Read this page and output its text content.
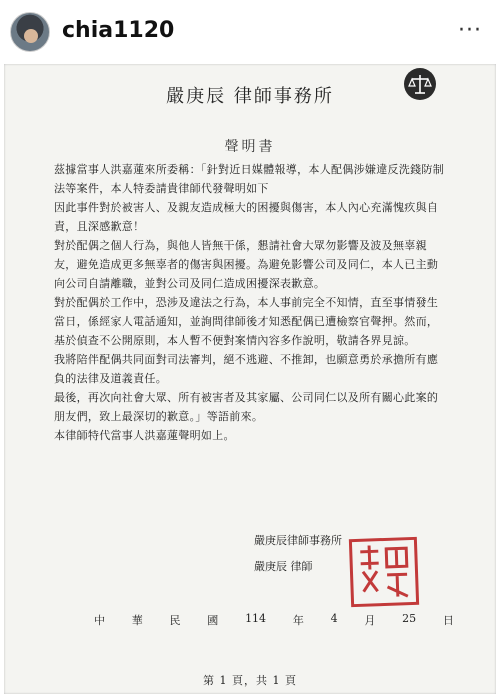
chia1120	···
嚴庚辰 律師事務所
聲明書

茲據當事人洪嘉蓮來所委稱：「針對近日媒體報導，本人配偶涉嫌違反洗錢防制法等案件，本人特委請貴律師代發聲明如下

因此事件對於被害人、及親友造成極大的困擾與傷害，本人內心充滿愧疚與自責，且深感歉意！

對於配偶之個人行為，與他人皆無干係，懇請社會大眾勿影響及波及無辜親友，避免造成更多無辜者的傷害與困擾。為避免影響公司及同仁，本人已主動向公司自請離職，並對公司及同仁造成困擾深表歉意。

對於配偶於工作中，恐涉及違法之行為，本人事前完全不知情，直至事情發生當日，係經家人電話通知，並詢問律師後才知悉配偶已遭檢察官聲押。然而，基於偵查不公開原則，本人暫不便對案情內容多作說明，敬請各界見諒。

我將陪伴配偶共同面對司法審判，絕不逃避、不推卸，也願意勇於承擔所有應負的法律及道義責任。

最後，再次向社會大眾、所有被害者及其家屬、公司同仁以及所有關心此案的朋友們，致上最深切的歉意。」等語前來。

本律師特代當事人洪嘉蓮聲明如上。

嚴庚辰律師事務所
嚴庚辰 律師
中 華 民 國 114 年 4 月 25 日
第 1 頁，共 1 頁
